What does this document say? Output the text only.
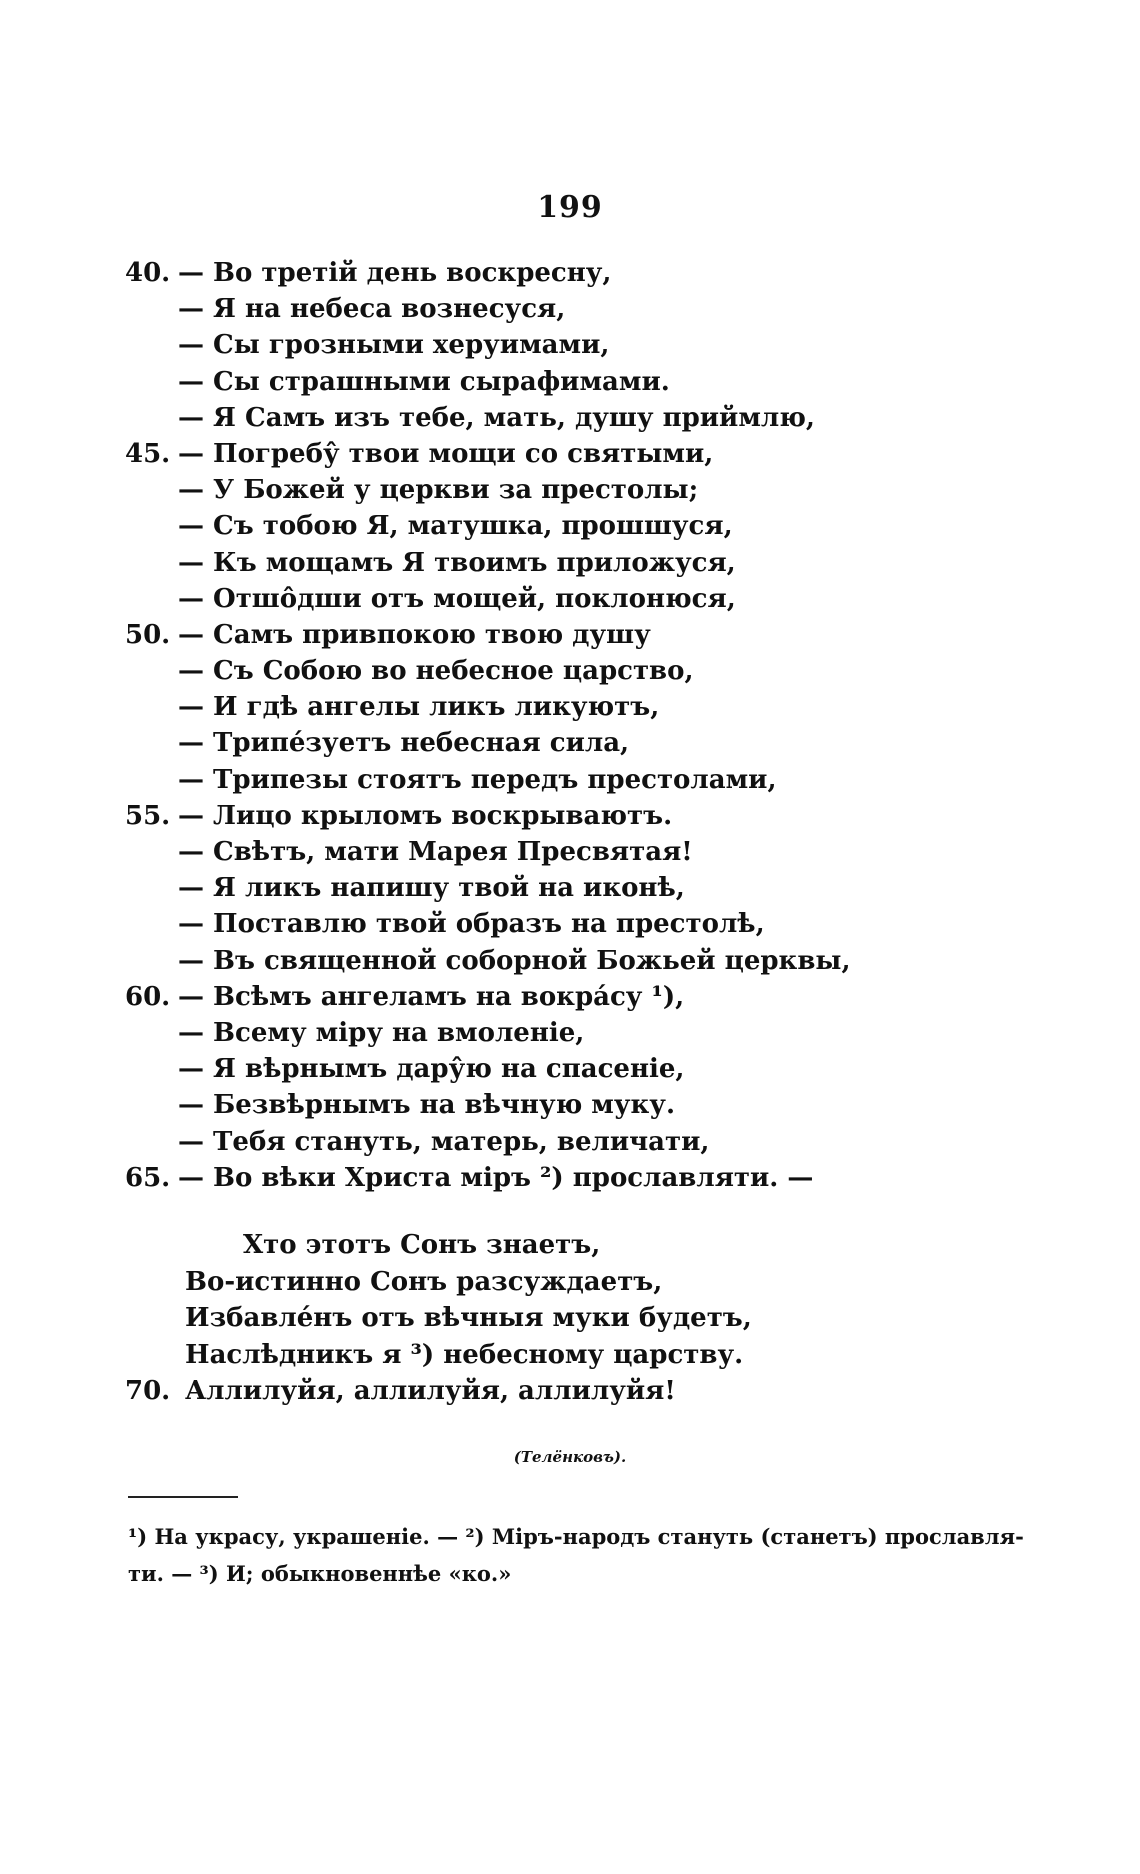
199
40. — Во третій день воскресну,
— Я на небеса вознесуся,
— Сы грозными херуимами,
— Сы страшными сырафимами.
— Я Самъ изъ тебе, мать, душу приймлю,
45. — Погребу̂ твои мощи со святыми,
— У Божей у церкви за престолы;
— Съ тобою Я, матушка, прошшуся,
— Къ мощамъ Я твоимъ приложуся,
— Отшо̂дши отъ мощей, поклонюся,
50. — Самъ привпокою твою душу
— Съ Собою во небесное царство,
— И гдѣ ангелы ликъ ликуютъ,
— Трипе́зуетъ небесная сила,
— Трипезы стоятъ передъ престолами,
55. — Лицо крыломъ воскрываютъ.
— Свѣтъ, мати Марея Пресвятая!
— Я ликъ напишу твой на иконѣ,
— Поставлю твой образъ на престолѣ,
— Въ священной соборной Божьей церквы,
60. — Всѣмъ ангеламъ на вокра́су ¹),
— Всему міру на вмоленіе,
— Я вѣрнымъ дару̂ю на спасеніе,
— Безвѣрнымъ на вѣчную муку.
— Тебя стануть, матерь, величати,
65. — Во вѣки Христа міръ ²) прославляти. —
Хто этотъ Сонъ знаетъ,
Во-истинно Сонъ разсуждаетъ,
Избавле́нъ отъ вѣчныя муки будетъ,
Наслѣдникъ я ³) небесному царству.
70. Аллилуйя, аллилуйя, аллилуйя!
(Телёнковъ).
¹) На украсу, украшеніе. — ²) Міръ-народъ стануть (станетъ) прославля-
ти. — ³) И; обыкновеннѣе «ко.»
